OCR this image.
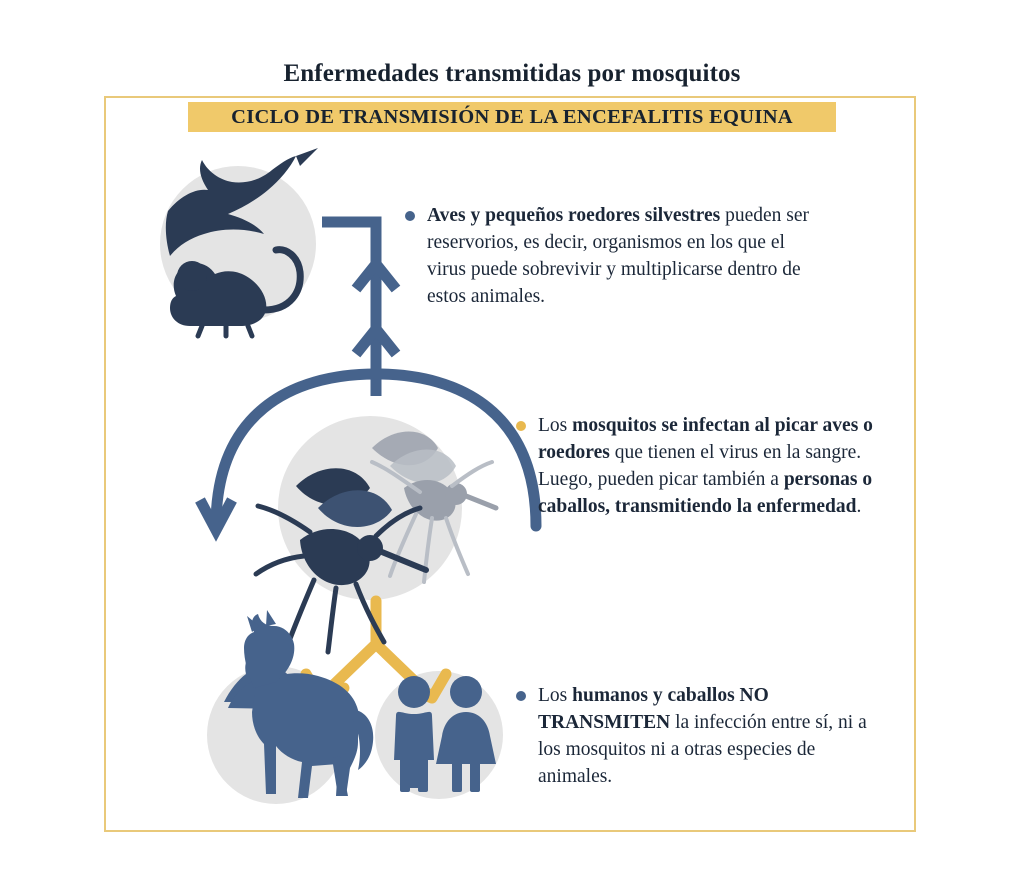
Enfermedades transmitidas por mosquitos
CICLO DE TRANSMISIÓN DE LA ENCEFALITIS EQUINA
Aves y pequeños roedores silvestres pueden ser reservorios, es decir, organismos en los que el virus puede sobrevivir y multiplicarse dentro de estos animales.
Los mosquitos se infectan al picar aves o roedores que tienen el virus en la sangre. Luego, pueden picar también a personas o caballos, transmitiendo la enfermedad.
Los humanos y caballos NO TRANSMITEN la infección entre sí, ni a los mosquitos ni a otras especies de animales.
